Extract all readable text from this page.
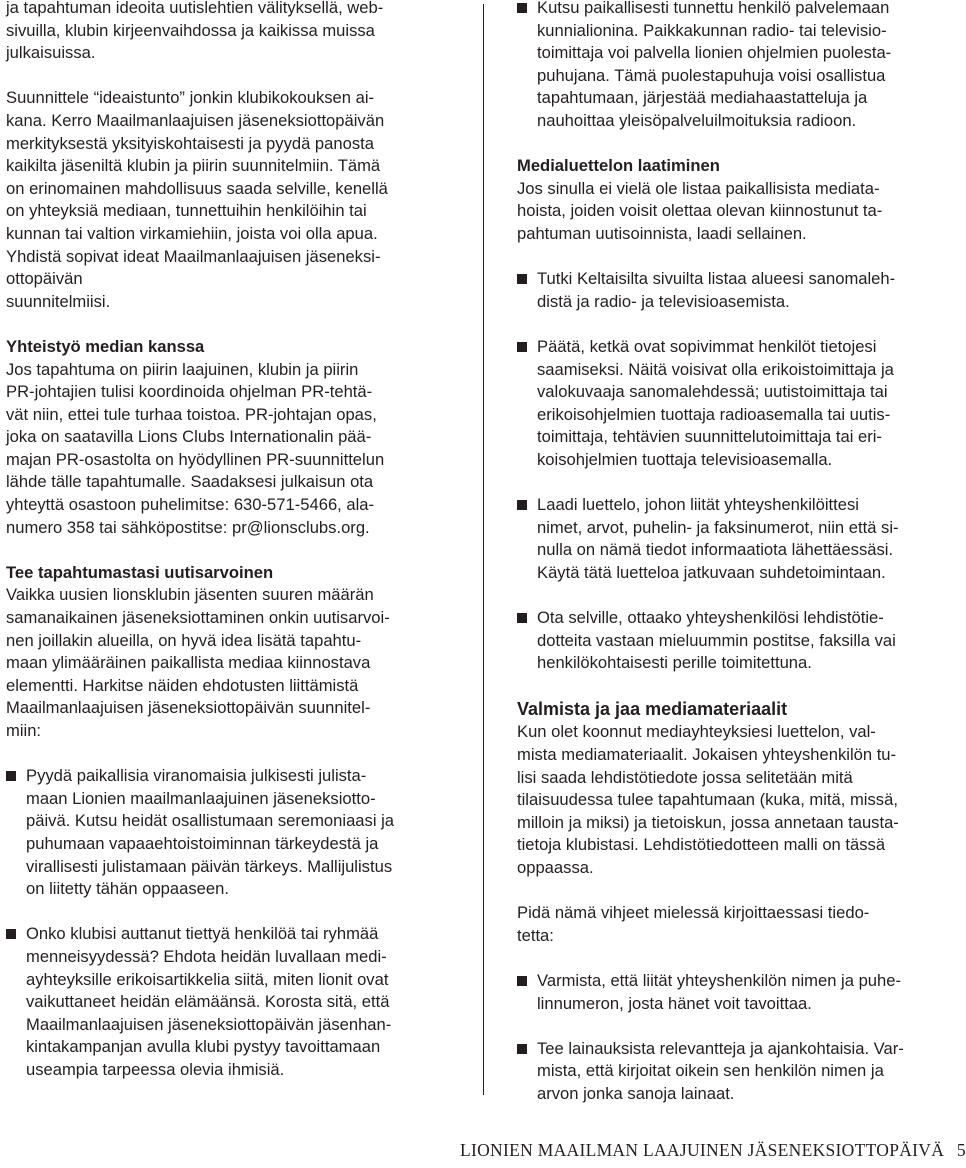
ja tapahtuman ideoita uutislehtien välityksellä, web-
sivuilla, klubin kirjeenvaihdossa ja kaikissa muissa
julkaisuissa.

Suunnittele “ideaistunto” jonkin klubikokouksen ai-
kana. Kerro Maailmanlaajuisen jäseneksiottopäivän
merkityksestä yksityiskohtaisesti ja pyydä panosta
kaikilta jäseniltä klubin ja piirin suunnitelmiin. Tämä
on erinomainen mahdollisuus saada selville, kenellä
on yhteyksiä mediaan, tunnettuihin henkilöihin tai
kunnan tai valtion virkamiehiin, joista voi olla apua.
Yhdistä sopivat ideat Maailmanlaajuisen jäseneksi-
ottopäivän
suunnitelmiisi.

Yhteistyö median kanssa

Jos tapahtuma on piirin laajuinen, klubin ja piirin
PR-johtajien tulisi koordinoida ohjelman PR-tehtä-
vät niin, ettei tule turhaa toistoa. PR-johtajan opas,
joka on saatavilla Lions Clubs Internationalin pää-
majan PR-osastolta on hyödyllinen PR-suunnittelun
lähde tälle tapahtumalle. Saadaksesi julkaisun ota
yhteyttä osastoon puhelimitse: 630-571-5466, ala-
numero 358 tai sähköpostitse: pr@lionsclubs.org.

Tee tapahtumastasi uutisarvoinen

Vaikka uusien lionsklubin jäsenten suuren määrän
samanaikainen jäseneksiottaminen onkin uutisarvoi-
nen joillakin alueilla, on hyvä idea lisätä tapahtu-
maan ylimääräinen paikallista mediaa kiinnostava
elementti. Harkitse näiden ehdotusten liittämistä
Maailmanlaajuisen jäseneksiottopäivän suunnitel-
miin:

Pyydä paikallisia viranomaisia julkisesti julista-
maan Lionien maailmanlaajuinen jäseneksiotto-
päivä. Kutsu heidät osallistumaan seremoniaasi ja
puhumaan vapaaehtoistoiminnan tärkeydestä ja
virallisesti julistamaan päivän tärkeys. Mallijulistus
on liitetty tähän oppaaseen.

Onko klubisi auttanut tiettyä henkilöä tai ryhmää
menneisyydessä? Ehdota heidän luvallaan medi-
ayhteyksille erikoisartikkelia siitä, miten lionit ovat
vaikuttaneet heidän elämäänsä. Korosta sitä, että
Maailmanlaajuisen jäseneksiottopäivän jäsenhan-
kintakampanjan avulla klubi pystyy tavoittamaan
useampia tarpeessa olevia ihmisiä.

Kutsu paikallisesti tunnettu henkilö palvelemaan
kunnialionina. Paikkakunnan radio- tai televisio-
toimittaja voi palvella lionien ohjelmien puolesta-
puhujana. Tämä puolestapuhuja voisi osallistua
tapahtumaan, järjestää mediahaastatteluja ja
nauhoittaa yleisöpalveluilmoituksia radioon.

Medialuettelon laatiminen

Jos sinulla ei vielä ole listaa paikallisista mediata-
hoista, joiden voisit olettaa olevan kiinnostunut ta-
pahtuman uutisoinnista, laadi sellainen.

Tutki Keltaisilta sivuilta listaa alueesi sanomaleh-
distä ja radio- ja televisioasemista.

Päätä, ketkä ovat sopivimmat henkilöt tietojesi
saamiseksi. Näitä voisivat olla erikoistoimittaja ja
valokuvaaja sanomalehdessä; uutistoimittaja tai
erikoisohjelmien tuottaja radioasemalla tai uutis-
toimittaja, tehtävien suunnittelutoimittaja tai eri-
koisohjelmien tuottaja televisioasemalla.

Laadi luettelo, johon liität yhteyshenkilöittesi
nimet, arvot, puhelin- ja faksinumerot, niin että si-
nulla on nämä tiedot informaatiota lähettäessäsi.
Käytä tätä luetteloa jatkuvaan suhdetoimintaan.

Ota selville, ottaako yhteyshenkilösi lehdistötie-
dotteita vastaan mieluummin postitse, faksilla vai
henkilökohtaisesti perille toimitettuna.

Valmista ja jaa mediamateriaalit

Kun olet koonnut mediayhteyksiesi luettelon, val-
mista mediamateriaalit. Jokaisen yhteyshenkilön tu-
lisi saada lehdistötiedote jossa selitetään mitä
tilaisuudessa tulee tapahtumaan (kuka, mitä, missä,
milloin ja miksi) ja tietoiskun, jossa annetaan tausta-
tietoja klubistasi. Lehdistötiedotteen malli on tässä
oppaassa.

Pidä nämä vihjeet mielessä kirjoittaessasi tiedo-
tetta:

Varmista, että liität yhteyshenkilön nimen ja puhe-
linnumeron, josta hänet voit tavoittaa.

Tee lainauksista relevantteja ja ajankohtaisia. Var-
mista, että kirjoitat oikein sen henkilön nimen ja
arvon jonka sanoja lainaat.

LIONIEN MAAILMAN LAAJUINEN JÄSENEKSIOTTOPÄIVÄ 5
